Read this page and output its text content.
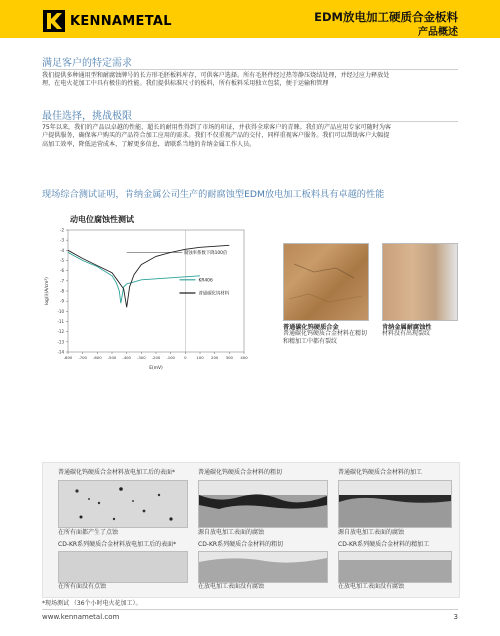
KENNAMETAL	EDM放电加工硬质合金板料
产品概述
满足客户的特定需求
我们提供多种通用型和耐腐蚀牌号的长方形毛胚板料库存，可供客户选择。所有毛胚件经过热等静压烧结处理，并经过应力释放处
理，在电火花加工中具有极佳的性能。我们提供标准尺寸的板料，所有板料采用独立包装，便于运输和管理
最佳选择，挑战极限
75年以来，我们的产品以卓越的性能、超长的耐用性得到了市场的印证，并获得全球客户的青睐。我们的产品应用专家可随时为客
户提供服务，确保客户购买的产品符合加工应用的需求。我们不仅重视产品的交付，同样重视客户服务。我们可以帮助客户大幅提
高加工效率，降低运营成本，了解更多信息，请联系当地的肯纳金属工作人员。
现场综合测试证明，肯纳金属公司生产的耐腐蚀型EDM放电加工板料具有卓越的性能
动电位腐蚀性测试
-2
-3
-4
-5
-6
-7
-8
-9
-10
-11
-12
-13
-14
-800 -700 -600 -500 -400 -300 -200 -100 0	100 200 300 400
KR406
普通碳化钨材料
腐蚀率系数下降100倍
E(mV)
log(i)(A/cm²)
普通碳化钨硬质合金
普通碳化钨硬质合金材料在精切
和精加工中都有裂纹
肯纳金属耐腐蚀性
材料没有出现裂纹
普通碳化钨硬质合金材料放电加工后的表面*
在所有面都产生了点蚀
普通碳化钨硬质合金材料的粗切
源自放电加工表面的腐蚀
普通碳化钨硬质合金材料的加工
源自放电加工表面的腐蚀
CD-KR系列硬质合金材料放电加工后的表面*
在所有面没有点蚀
CD-KR系列硬质合金材料的粗切
在放电加工表面没有腐蚀
CD-KR系列硬质合金材料的精加工
在放电加工表面没有腐蚀
*现场测试 （36个小时电火花加工）。
www.kennametal.com	3
